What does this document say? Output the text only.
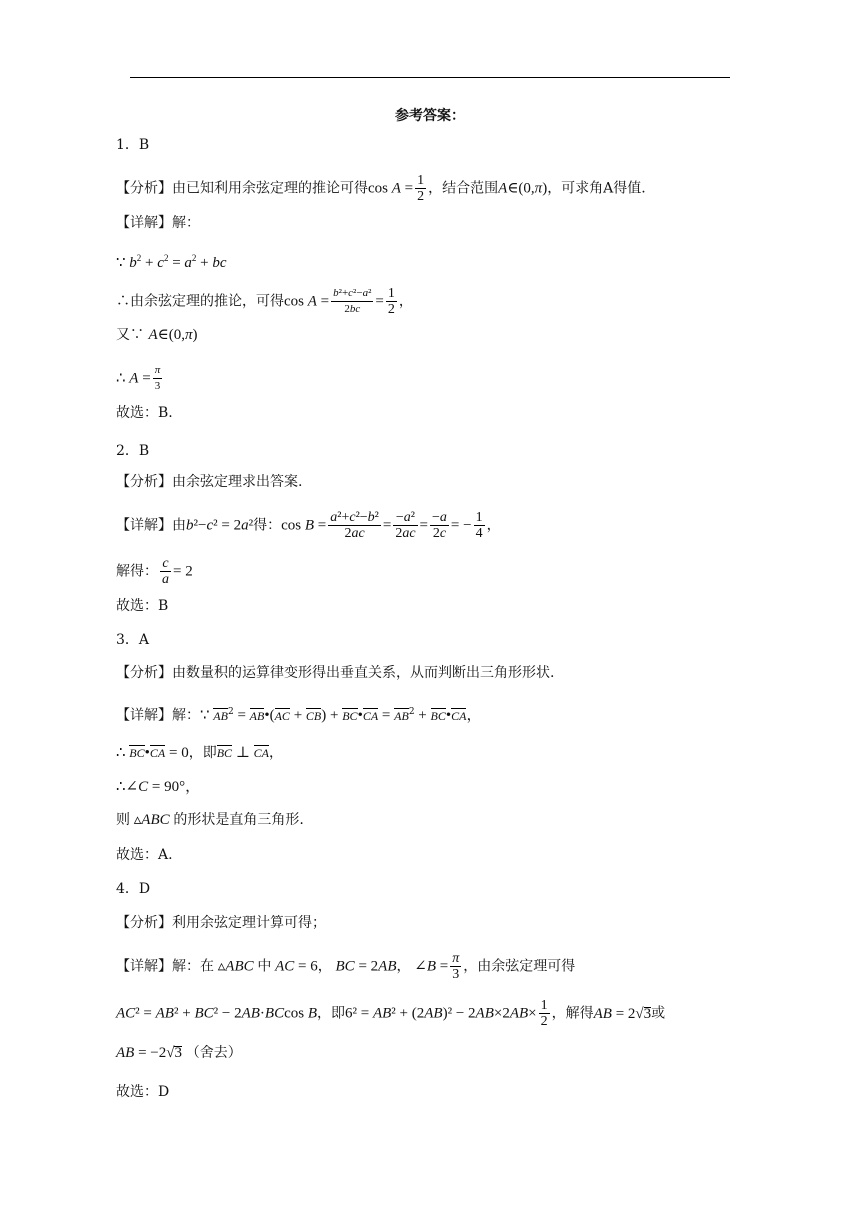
参考答案：
1．B
【分析】由已知利用余弦定理的推论可得$\cos A = \frac{1}{2}$ ，结合范围A∈(0,π)，可求角A得值.
【详解】解：
∵ $b^2 + c^2 = a^2$ + bc
∴由余弦定理的推论，可得$\cos A = \frac{\text{b²+c²−a²}}{2bc} = \frac{1}{2}$ ，
又∵ A∈(0,π)
∴ $A = \frac{\pi}{3}$
故选：B.
2．B
【分析】由余弦定理求出答案.
【详解】由b²−c² = 2a²得：$\cos B = \frac{\text{a²+c²−b²}}{2ac} = \frac{\text{−a²}}{2ac} = \frac{-a}{2c}$ = − $\frac{1}{4}$ ，
解得： $\frac{c}{a} = 2$
故选：B
3．A
【分析】由数量积的运算律变形得出垂直关系，从而判断出三角形形状.
【详解】解：∵ $AB^2$ = AB•(AC + CB) + BC•CA = $AB^2$ + BC•CA，
∴ BC•CA = 0，即BC ⊥ CA，
∴∠C = 90°，
则 ▵ABC 的形状是直角三角形.
故选：A.
4．D
【分析】利用余弦定理计算可得；
【详解】解：在 ▵ABC 中 AC = 6， BC = 2AB， ∠B = $\frac{\pi}{3}$ ，由余弦定理可得
AC² = AB² + BC² − 2AB·BCcos B，即$6^2 = AB^2 + (2AB)^2 - 2AB\times 2AB\times \frac{1}{2}$ ，解得AB = 2√3或
AB = −2√3 （舍去）
故选：D
